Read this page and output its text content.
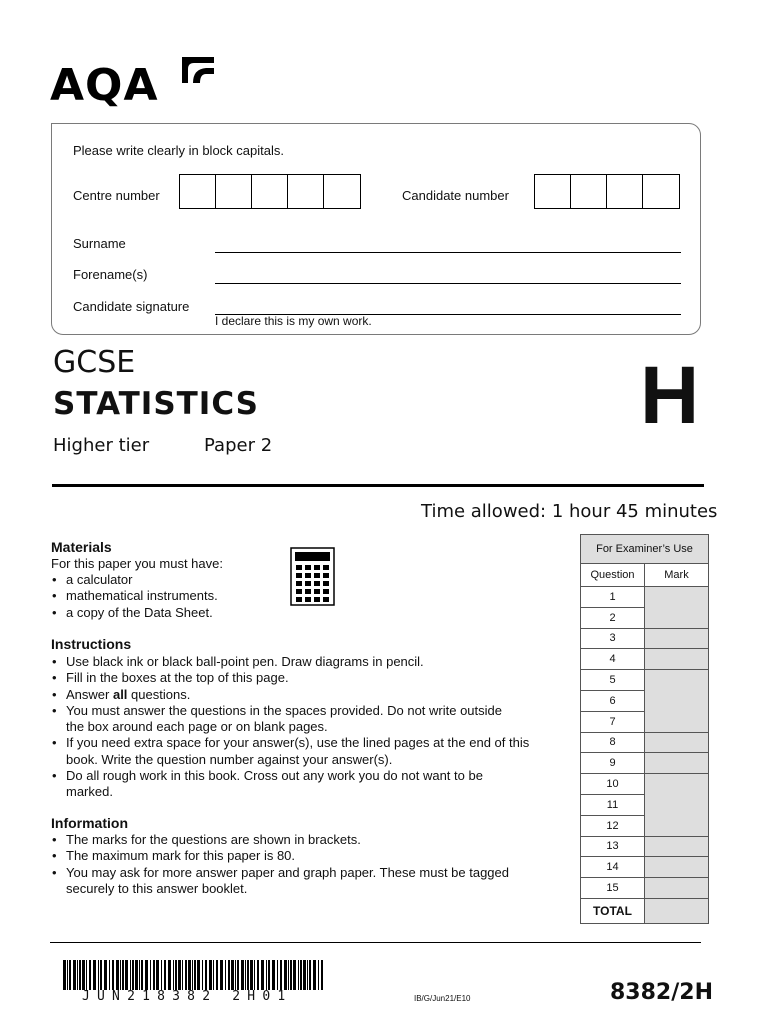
AQA
Please write clearly in block capitals.
Centre number	Candidate number
Surname
Forename(s)
Candidate signature
I declare this is my own work.
GCSE
STATISTICS
Higher tier	Paper 2
H
Time allowed: 1 hour 45 minutes
Materials
For this paper you must have:
• a calculator
• mathematical instruments.
• a copy of the Data Sheet.
Instructions
• Use black ink or black ball-point pen. Draw diagrams in pencil.
• Fill in the boxes at the top of this page.
• Answer all questions.
• You must answer the questions in the spaces provided. Do not write outside the box around each page or on blank pages.
• If you need extra space for your answer(s), use the lined pages at the end of this book. Write the question number against your answer(s).
• Do all rough work in this book. Cross out any work you do not want to be marked.
Information
• The marks for the questions are shown in brackets.
• The maximum mark for this paper is 80.
• You may ask for more answer paper and graph paper. These must be tagged securely to this answer booklet.
For Examiner’s Use	
Question	Mark
1	
2	
3	
4	
5	
6	
7	
8	
9	
10	
11	
12	
13	
14	
15	
TOTAL	
JUN218382 2H01	IB/G/Jun21/E10	8382/2H
